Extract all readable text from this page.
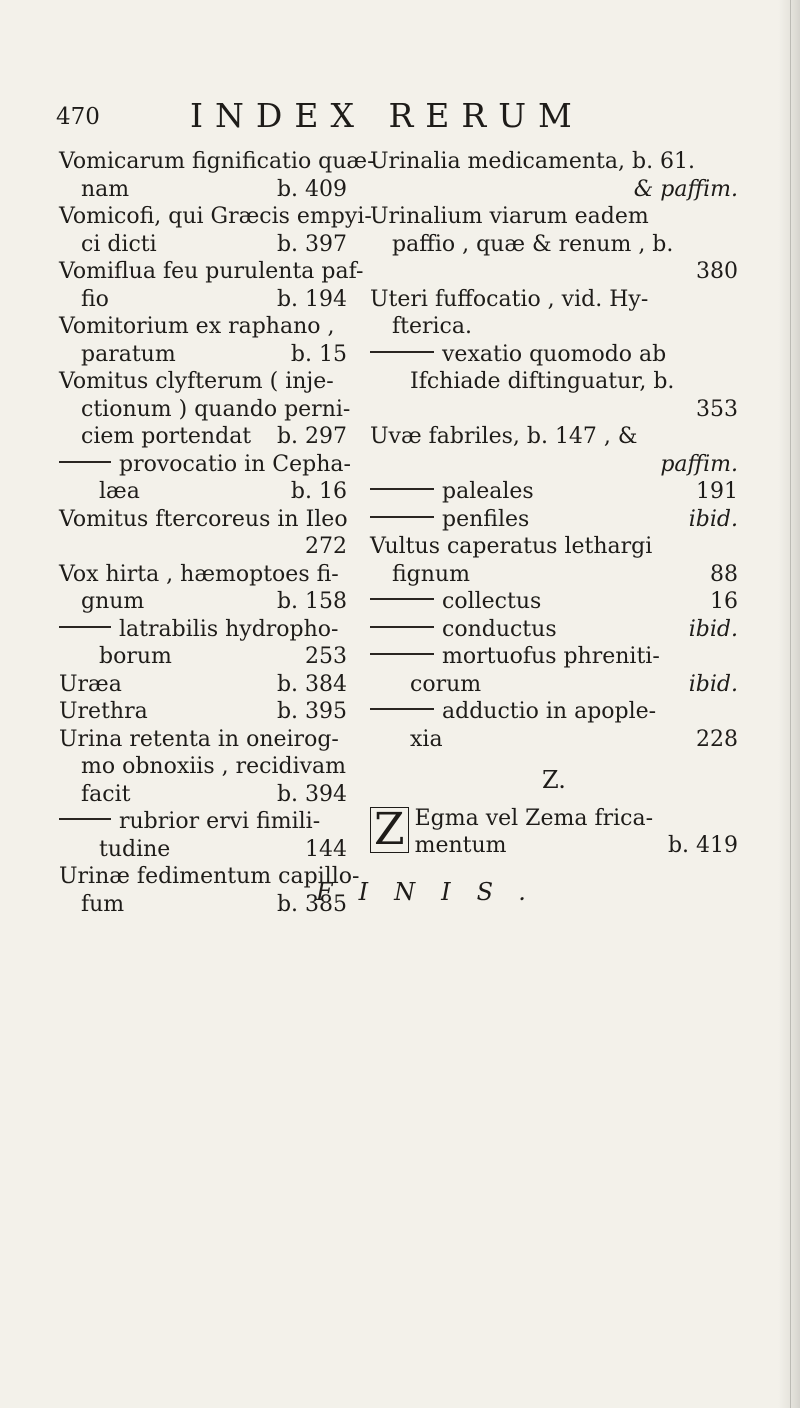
470	INDEX RERUM
Vomicarum fignificatio quæ-
nam	b. 409
Vomicofi, qui Græcis empyi-
ci dicti	b. 397
Vomiflua feu purulenta paf-
fio	b. 194
Vomitorium ex raphano ,
paratum	b. 15
Vomitus clyfterum ( inje-
ctionum ) quando perni-
ciem portendat b. 297
provocatio in Cepha-
læa	b. 16
Vomitus ftercoreus in Ileo
272
Vox hirta , hæmoptoes fi-
gnum	b. 158
latrabilis hydropho-
borum	253
Uræa	b. 384
Urethra	b. 395
Urina retenta in oneirog-
mo obnoxiis , recidivam
facit	b. 394
rubrior ervi fimili-
tudine	144
Urinæ fedimentum capillo-
fum	b. 385
Urinalia medicamenta, b. 61.
& paffim.
Urinalium viarum eadem
paffio , quæ & renum , b.
380
Uteri fuffocatio , vid. Hy-
fterica.
vexatio quomodo ab
Ifchiade diftinguatur, b.
353
Uvæ fabriles, b. 147 , &
paffim.
paleales	191
penfiles	ibid.
Vultus caperatus lethargi
fignum	88
collectus	16
conductus	ibid.
mortuofus phreniti-
corum	ibid.
adductio in apople-
xia	228
Z.
Z Egma vel Zema frica-
mentum	b. 419
FINIS.
